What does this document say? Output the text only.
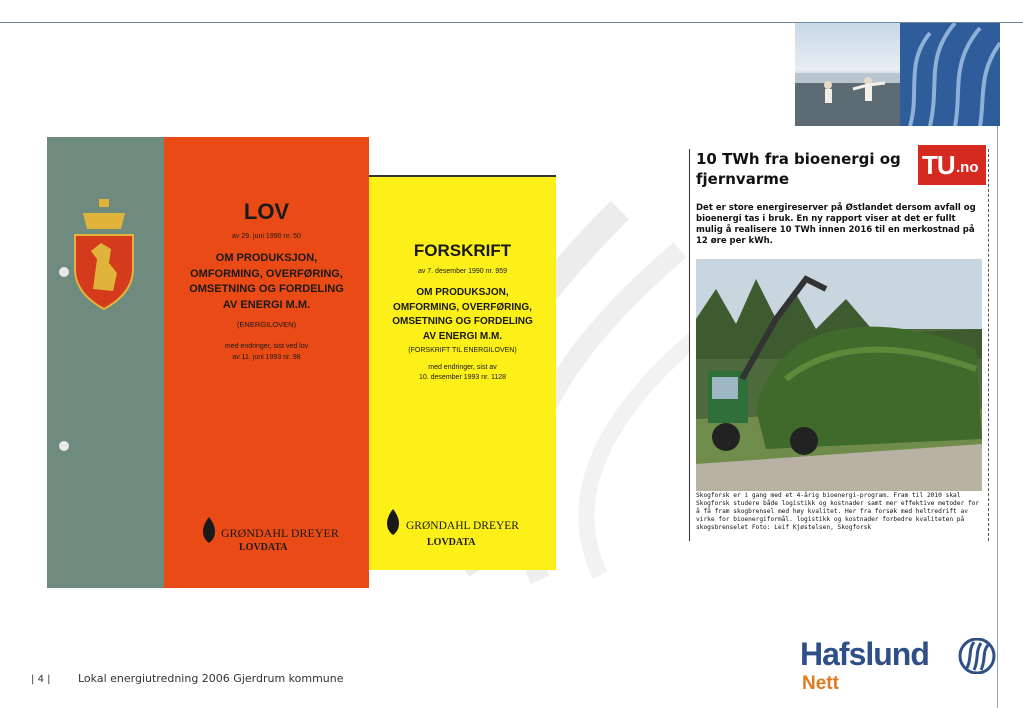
LOV
av 29. juni 1990 nr. 50
OM PRODUKSJON,
OMFORMING, OVERFØRING,
OMSETNING OG FORDELING
AV ENERGI M.M.
(ENERGILOVEN)
med endringer, sist ved lov
av 11. juni 1993 nr. 98
GRØNDAHL DREYER
LOVDATA
FORSKRIFT
av 7. desember 1990 nr. 959
OM PRODUKSJON,
OMFORMING, OVERFØRING,
OMSETNING OG FORDELING
AV ENERGI M.M.
(FORSKRIFT TIL ENERGILOVEN)
med endringer, sist av
10. desember 1993 nr. 1128
GRØNDAHL DREYER
LOVDATA
10 TWh fra bioenergi og fjernvarme	TU .no
Det er store energireserver på Østlandet dersom avfall og bioenergi tas i bruk. En ny rapport viser at det er fullt mulig å realisere 10 TWh innen 2016 til en merkostnad på 12 øre per kWh.
Skogforsk er i gang med et 4-årig bioenergi-program. Fram til 2010 skal Skogforsk studere både logistikk og kostnader samt mer effektive metoder for å få fram skogbrensel med høy kvalitet. Her fra forsøk med heltredrift av virke for bioenergiformål. logistikk og kostnader forbedre kvaliteten på skogsbrenselet Foto: Leif Kjøstelsen, Skogforsk
| 4 |	Lokal energiutredning 2006 Gjerdrum kommune
Hafslund
Nett
